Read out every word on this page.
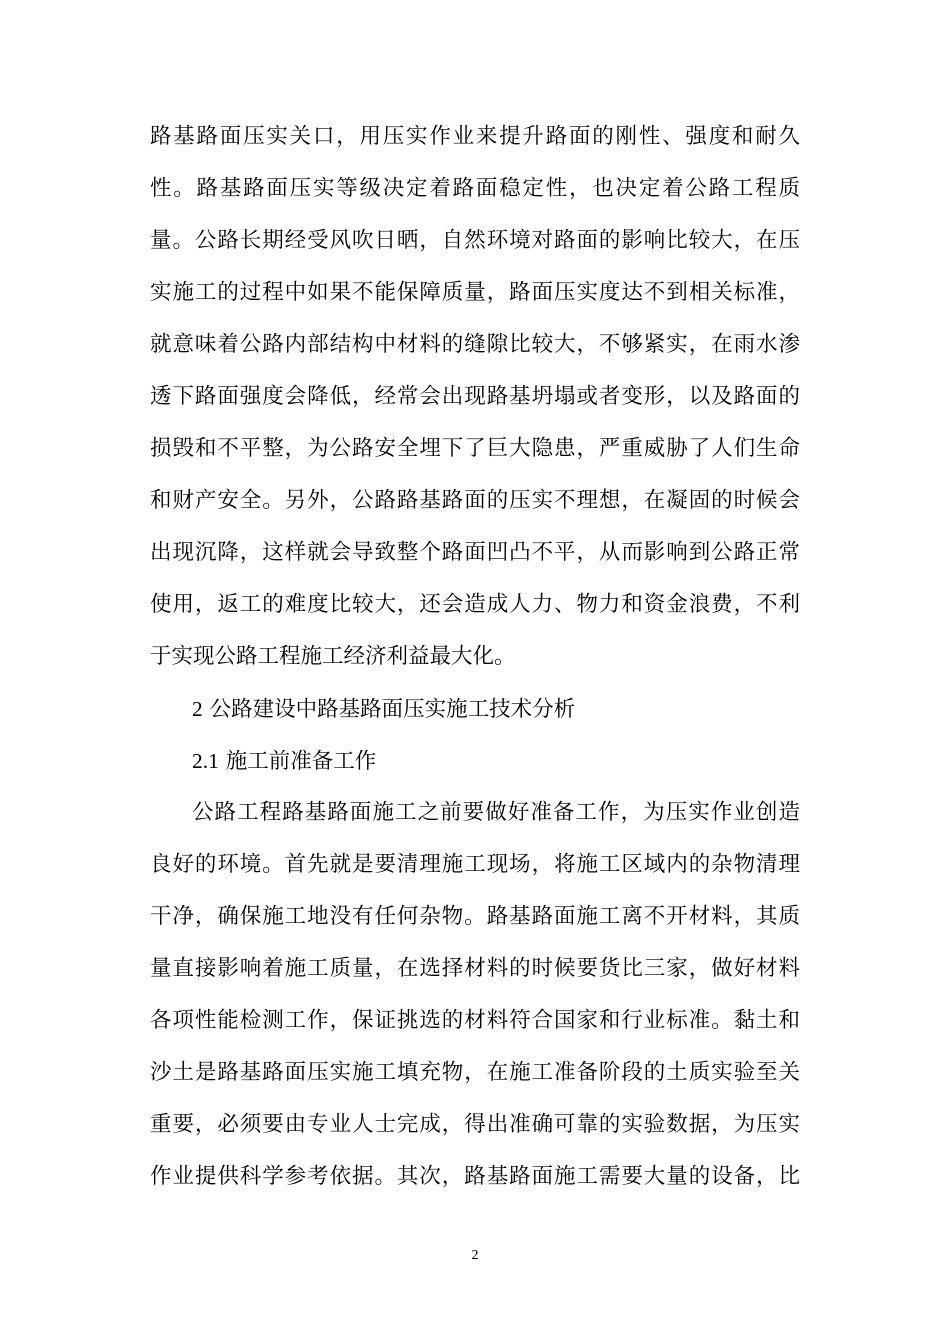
路基路面压实关口，用压实作业来提升路面的刚性、强度和耐久
性。路基路面压实等级决定着路面稳定性，也决定着公路工程质
量。公路长期经受风吹日晒，自然环境对路面的影响比较大，在压
实施工的过程中如果不能保障质量，路面压实度达不到相关标准，
就意味着公路内部结构中材料的缝隙比较大，不够紧实，在雨水渗
透下路面强度会降低，经常会出现路基坍塌或者变形，以及路面的
损毁和不平整，为公路安全埋下了巨大隐患，严重威胁了人们生命
和财产安全。另外，公路路基路面的压实不理想，在凝固的时候会
出现沉降，这样就会导致整个路面凹凸不平，从而影响到公路正常
使用，返工的难度比较大，还会造成人力、物力和资金浪费，不利
于实现公路工程施工经济利益最大化。
2 公路建设中路基路面压实施工技术分析
2.1 施工前准备工作
公路工程路基路面施工之前要做好准备工作，为压实作业创造
良好的环境。首先就是要清理施工现场，将施工区域内的杂物清理
干净，确保施工地没有任何杂物。路基路面施工离不开材料，其质
量直接影响着施工质量，在选择材料的时候要货比三家，做好材料
各项性能检测工作，保证挑选的材料符合国家和行业标准。黏土和
沙土是路基路面压实施工填充物，在施工准备阶段的土质实验至关
重要，必须要由专业人士完成，得出准确可靠的实验数据，为压实
作业提供科学参考依据。其次，路基路面施工需要大量的设备，比
2
